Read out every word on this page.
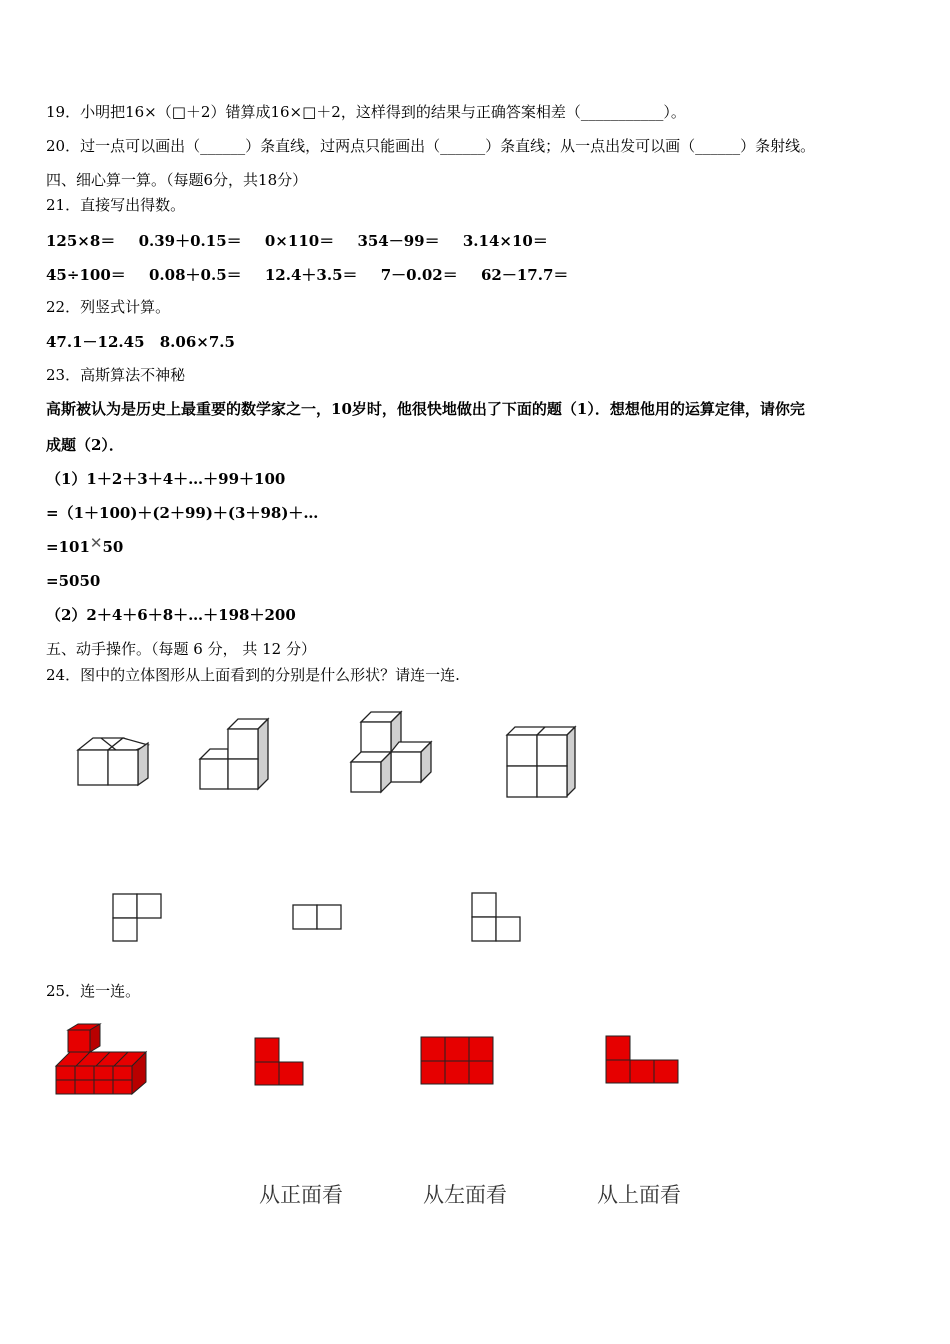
19．小明把16×（□＋2）错算成16×□＋2，这样得到的结果与正确答案相差（___________）。
20．过一点可以画出（______）条直线，过两点只能画出（______）条直线；从一点出发可以画（______）条射线。
四、细心算一算。（每题6分，共18分）
21．直接写出得数。
125×8＝ 0.39＋0.15＝ 0×110＝ 354－99＝ 3.14×10＝
45÷100＝ 0.08＋0.5＝ 12.4＋3.5＝ 7－0.02＝ 62－17.7＝
22．列竖式计算。
47.1－12.45 8.06×7.5
23．高斯算法不神秘
高斯被认为是历史上最重要的数学家之一，10岁时，他很快地做出了下面的题（1）．想想他用的运算定律，请你完
成题（2）．
（1）1＋2＋3＋4＋…＋99＋100
=（1＋100)＋(2＋99)＋(3＋98)＋…
=101✕50
=5050
（2）2＋4＋6＋8＋…＋198＋200
五、动手操作。（每题 6 分， 共 12 分）
24．图中的立体图形从上面看到的分别是什么形状？请连一连.
25．连一连。
从正面看	从左面看	从上面看
